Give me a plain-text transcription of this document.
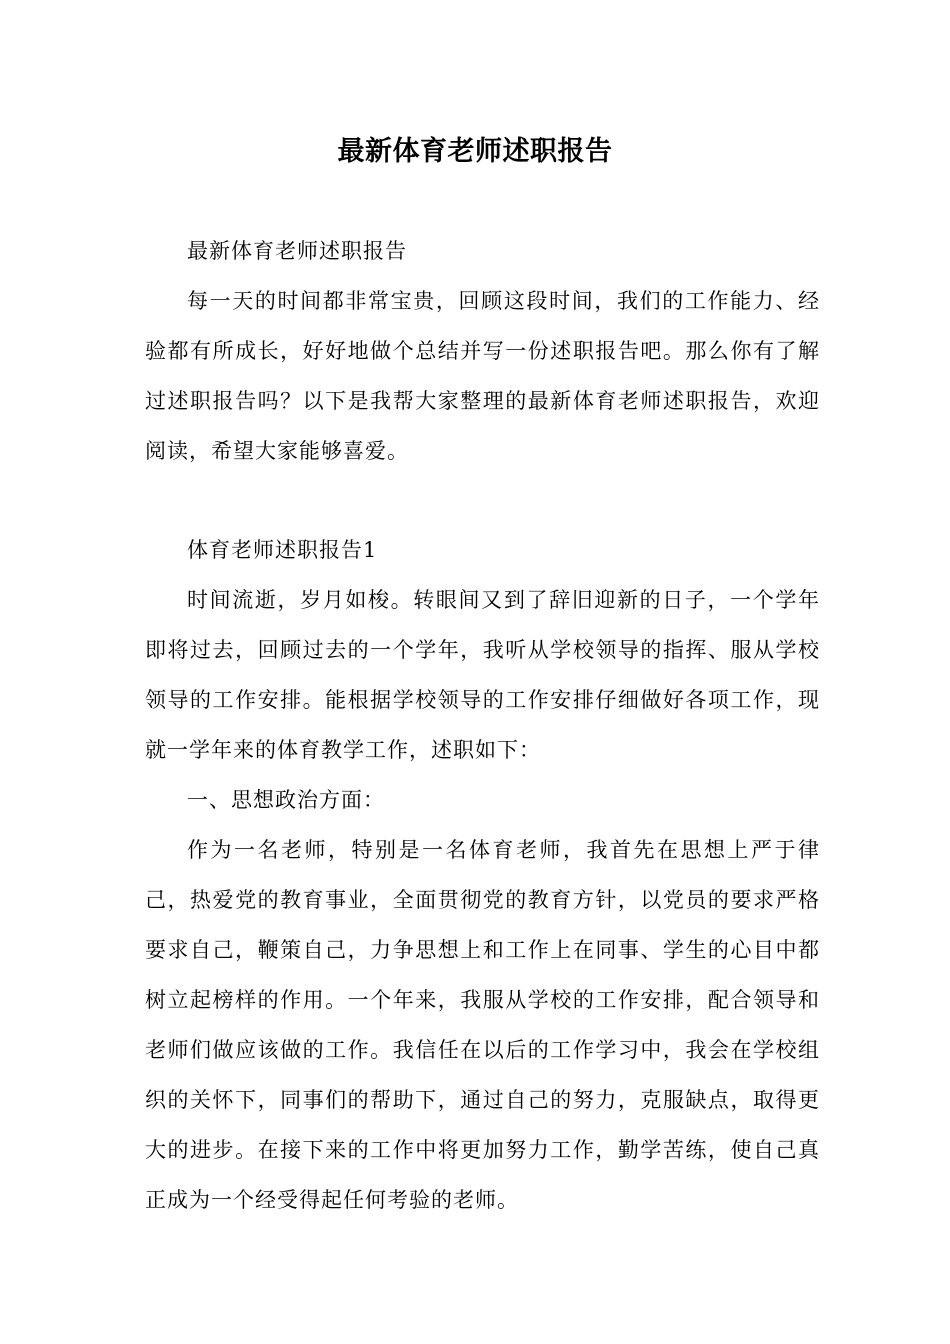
最新体育老师述职报告

最新体育老师述职报告

每一天的时间都非常宝贵，回顾这段时间，我们的工作能力、经验都有所成长，好好地做个总结并写一份述职报告吧。那么你有了解过述职报告吗？以下是我帮大家整理的最新体育老师述职报告，欢迎阅读，希望大家能够喜爱。

体育老师述职报告1

时间流逝，岁月如梭。转眼间又到了辞旧迎新的日子，一个学年即将过去，回顾过去的一个学年，我听从学校领导的指挥、服从学校领导的工作安排。能根据学校领导的工作安排仔细做好各项工作，现就一学年来的体育教学工作，述职如下：

一、思想政治方面：

作为一名老师，特别是一名体育老师，我首先在思想上严于律己，热爱党的教育事业，全面贯彻党的教育方针，以党员的要求严格要求自己，鞭策自己，力争思想上和工作上在同事、学生的心目中都树立起榜样的作用。一个年来，我服从学校的工作安排，配合领导和老师们做应该做的工作。我信任在以后的工作学习中，我会在学校组织的关怀下，同事们的帮助下，通过自己的努力，克服缺点，取得更大的进步。在接下来的工作中将更加努力工作，勤学苦练，使自己真正成为一个经受得起任何考验的老师。
